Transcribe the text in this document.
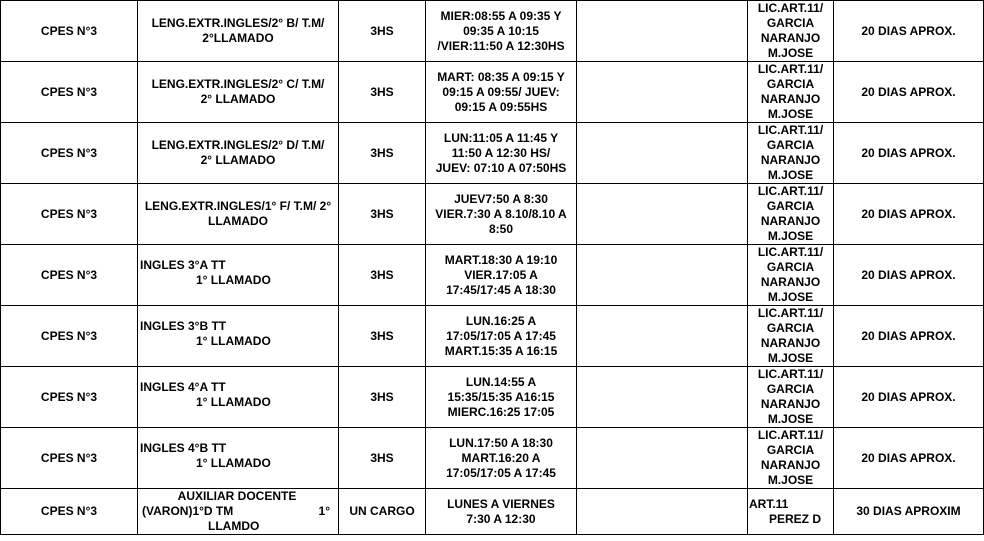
CPES N°3	LENG.EXTR.INGLES/2° B/ T.M/
2°LLAMADO	3HS	MIER:08:55 A 09:35 Y
09:35 A 10:15
/VIER:11:50 A 12:30HS		LIC.ART.11/
GARCIA
NARANJO
M.JOSE	20 DIAS APROX.
CPES N°3	LENG.EXTR.INGLES/2° C/ T.M/
2° LLAMADO	3HS	MART: 08:35 A 09:15 Y
09:15 A 09:55/ JUEV:
09:15 A 09:55HS		LIC.ART.11/
GARCIA
NARANJO
M.JOSE	20 DIAS APROX.
CPES N°3	LENG.EXTR.INGLES/2° D/ T.M/
2° LLAMADO	3HS	LUN:11:05 A 11:45 Y
11:50 A 12:30 HS/
JUEV: 07:10 A 07:50HS		LIC.ART.11/
GARCIA
NARANJO
M.JOSE	20 DIAS APROX.
CPES N°3	LENG.EXTR.INGLES/1° F/ T.M/ 2°
LLAMADO	3HS	JUEV7:50 A 8:30
VIER.7:30 A 8.10/8.10 A
8:50		LIC.ART.11/
GARCIA
NARANJO
M.JOSE	20 DIAS APROX.
CPES N°3	INGLES 3°A TT
1° LLAMADO	3HS	MART.18:30 A 19:10
VIER.17:05 A
17:45/17:45 A 18:30		LIC.ART.11/
GARCIA
NARANJO
M.JOSE	20 DIAS APROX.
CPES N°3	INGLES 3°B TT
1° LLAMADO	3HS	LUN.16:25 A
17:05/17:05 A 17:45
MART.15:35 A 16:15		LIC.ART.11/
GARCIA
NARANJO
M.JOSE	20 DIAS APROX.
CPES N°3	INGLES 4°A TT
1° LLAMADO	3HS	LUN.14:55 A
15:35/15:35 A16:15
MIERC.16:25 17:05		LIC.ART.11/
GARCIA
NARANJO
M.JOSE	20 DIAS APROX.
CPES N°3	INGLES 4°B TT
1° LLAMADO	3HS	LUN.17:50 A 18:30
MART.16:20 A
17:05/17:05 A 17:45		LIC.ART.11/
GARCIA
NARANJO
M.JOSE	20 DIAS APROX.
CPES N°3	AUXILIAR DOCENTE
(VARON)1°D TM 1°
LLAMDO	UN CARGO	LUNES A VIERNES
7:30 A 12:30		ART.11
PEREZ D	30 DIAS APROXIM
